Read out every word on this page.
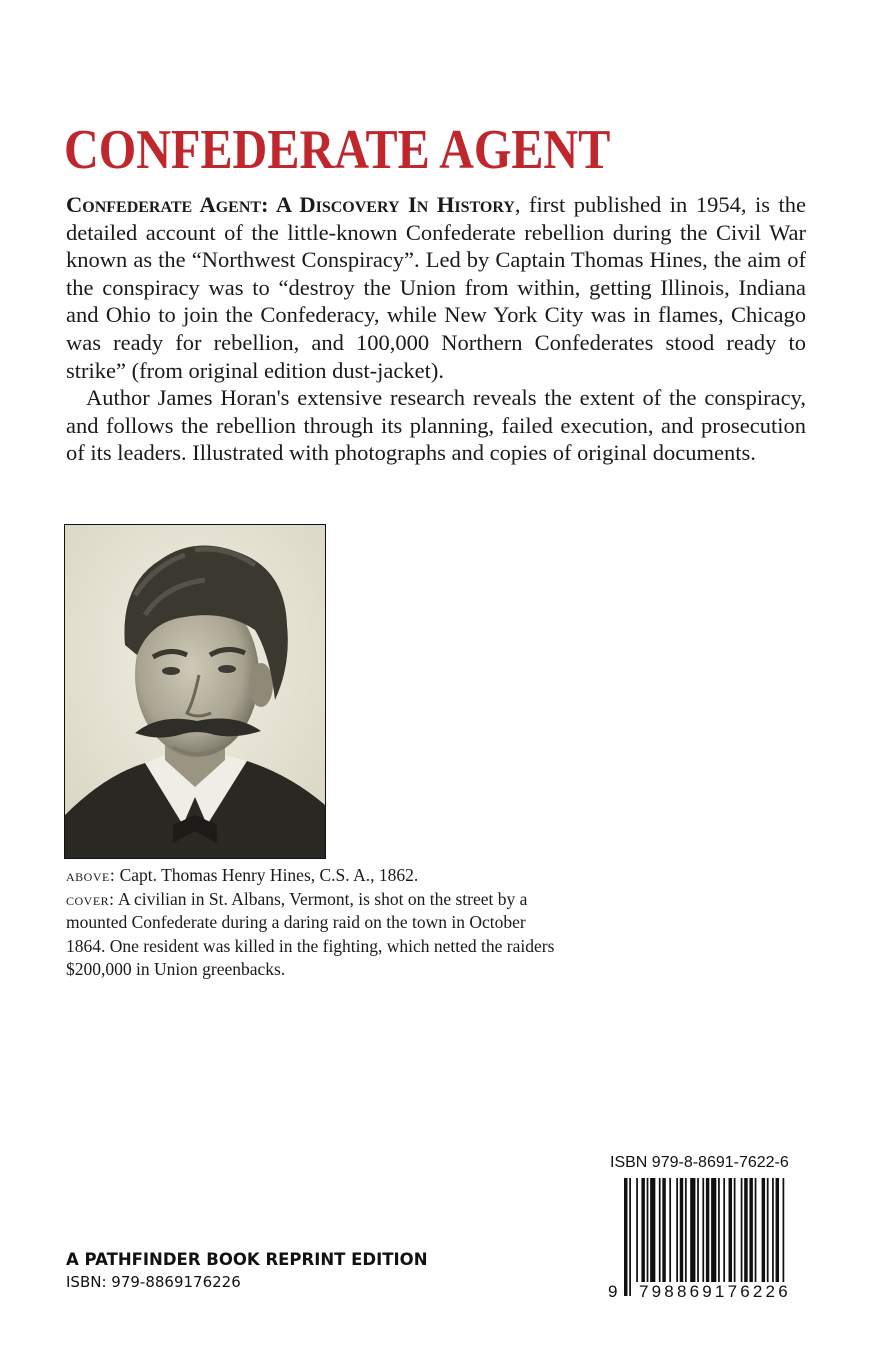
CONFEDERATE AGENT

Confederate Agent: A Discovery In History, first published in 1954, is the detailed account of the little-known Confederate rebellion during the Civil War known as the “Northwest Conspiracy”. Led by Captain Thomas Hines, the aim of the conspiracy was to “destroy the Union from within, getting Illinois, Indiana and Ohio to join the Confederacy, while New York City was in flames, Chicago was ready for rebellion, and 100,000 Northern Confederates stood ready to strike” (from original edition dust-jacket).

Author James Horan's extensive research reveals the extent of the conspiracy, and follows the rebellion through its planning, failed execution, and prosecution of its leaders. Illustrated with photographs and copies of original documents.

above: Capt. Thomas Henry Hines, C.S. A., 1862.

cover: A civilian in St. Albans, Vermont, is shot on the street by a mounted Confederate during a daring raid on the town in October 1864. One resident was killed in the fighting, which netted the raiders $200,000 in Union greenbacks.

A PATHFINDER BOOK REPRINT EDITION

ISBN: 979-8869176226

ISBN 979-8-8691-7622-6
9 798869176226
